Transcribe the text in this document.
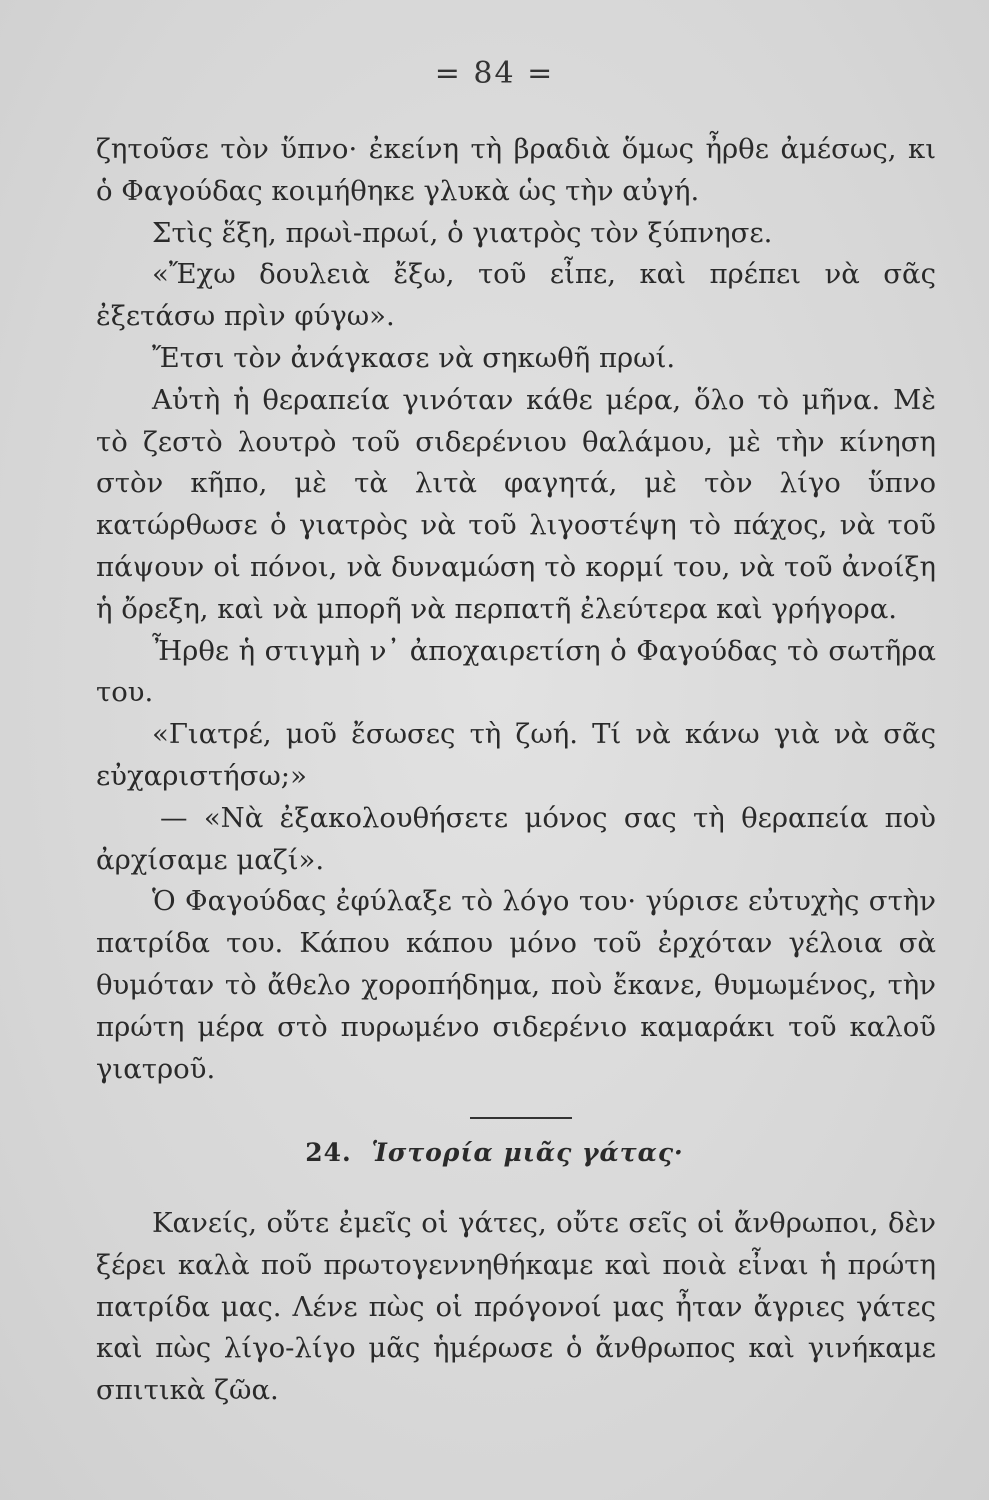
= 84 =

ζητοῦσε τὸν ὕπνο· ἐκείνη τὴ βραδιὰ ὅμως ἦρθε ἀμέσως, κι ὁ Φαγούδας κοιμήθηκε γλυκὰ ὡς τὴν αὐγή.

Στὶς ἕξη, πρωὶ-πρωί, ὁ γιατρὸς τὸν ξύπνησε.

«Ἔχω δουλειὰ ἔξω, τοῦ εἶπε, καὶ πρέπει νὰ σᾶς ἐξετάσω πρὶν φύγω».

Ἔτσι τὸν ἀνάγκασε νὰ σηκωθῆ πρωί.

Αὐτὴ ἡ θεραπεία γινόταν κάθε μέρα, ὅλο τὸ μῆνα. Μὲ τὸ ζεστὸ λουτρὸ τοῦ σιδερένιου θαλάμου, μὲ τὴν κίνηση στὸν κῆπο, μὲ τὰ λιτὰ φαγητά, μὲ τὸν λίγο ὕπνο κατώρθωσε ὁ γιατρὸς νὰ τοῦ λιγοστέψη τὸ πάχος, νὰ τοῦ πάψουν οἱ πόνοι, νὰ δυναμώση τὸ κορμί του, νὰ τοῦ ἀνοίξη ἡ ὄρεξη, καὶ νὰ μπορῆ νὰ περπατῆ ἐλεύτερα καὶ γρήγορα.

Ἦρθε ἡ στιγμὴ ν᾽ ἀποχαιρετίση ὁ Φαγούδας τὸ σωτῆρα του.

«Γιατρέ, μοῦ ἔσωσες τὴ ζωή. Τί νὰ κάνω γιὰ νὰ σᾶς εὐχαριστήσω;»

— «Νὰ ἐξακολουθήσετε μόνος σας τὴ θεραπεία ποὺ ἀρχίσαμε μαζί».

Ὁ Φαγούδας ἐφύλαξε τὸ λόγο του· γύρισε εὐτυχὴς στὴν πατρίδα του. Κάπου κάπου μόνο τοῦ ἐρχόταν γέλοια σὰ θυμόταν τὸ ἄθελο χοροπήδημα, ποὺ ἔκανε, θυμωμένος, τὴν πρώτη μέρα στὸ πυρωμένο σιδερένιο καμαράκι τοῦ καλοῦ γιατροῦ.

24. Ἱστορία μιᾶς γάτας·

Κανείς, οὔτε ἐμεῖς οἱ γάτες, οὔτε σεῖς οἱ ἄνθρωποι, δὲν ξέρει καλὰ ποῦ πρωτογεννηθήκαμε καὶ ποιὰ εἶναι ἡ πρώτη πατρίδα μας. Λένε πὼς οἱ πρόγονοί μας ἦταν ἄγριες γάτες καὶ πὼς λίγο-λίγο μᾶς ἡμέρωσε ὁ ἄνθρωπος καὶ γινήκαμε σπιτικὰ ζῶα.
